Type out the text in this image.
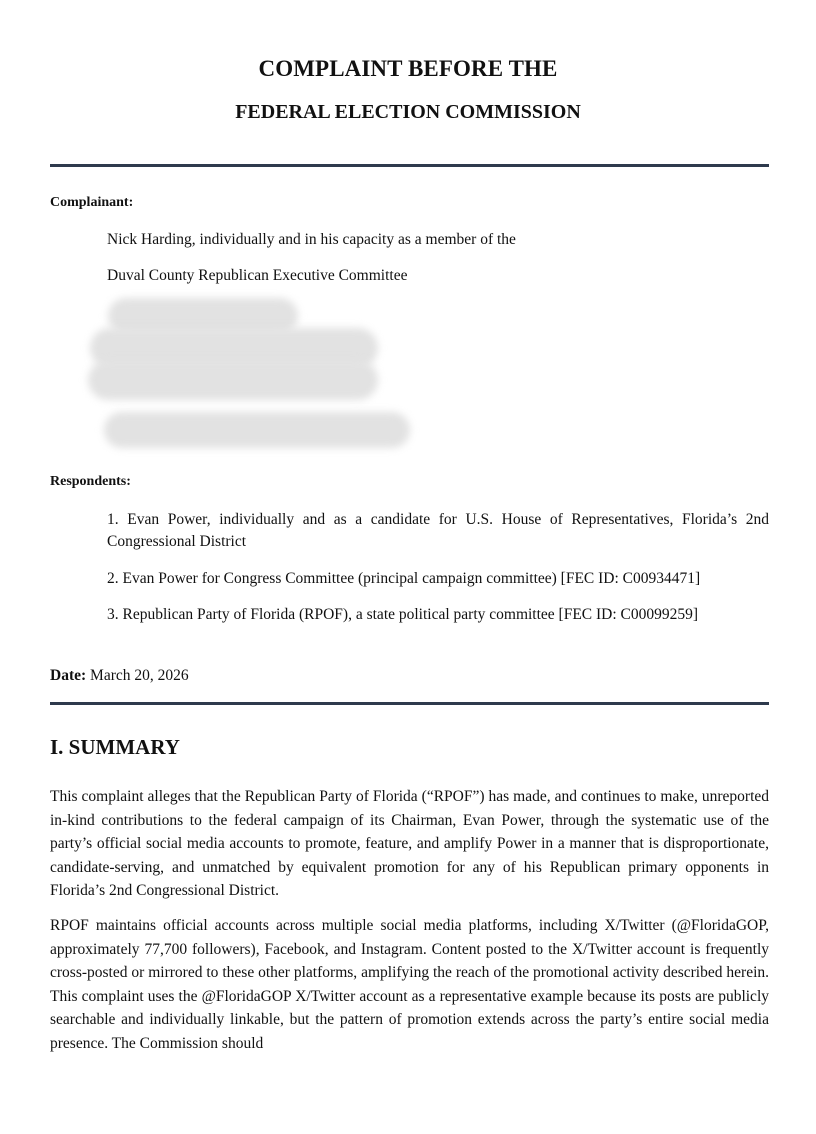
COMPLAINT BEFORE THE
FEDERAL ELECTION COMMISSION
Complainant:
Nick Harding, individually and in his capacity as a member of the
Duval County Republican Executive Committee
Respondents:
1. Evan Power, individually and as a candidate for U.S. House of Representatives, Florida’s 2nd Congressional District
2. Evan Power for Congress Committee (principal campaign committee) [FEC ID: C00934471]
3. Republican Party of Florida (RPOF), a state political party committee [FEC ID: C00099259]
Date: March 20, 2026
I. SUMMARY
This complaint alleges that the Republican Party of Florida (“RPOF”) has made, and continues to make, unreported in-kind contributions to the federal campaign of its Chairman, Evan Power, through the systematic use of the party’s official social media accounts to promote, feature, and amplify Power in a manner that is disproportionate, candidate-serving, and unmatched by equivalent promotion for any of his Republican primary opponents in Florida’s 2nd Congressional District.
RPOF maintains official accounts across multiple social media platforms, including X/Twitter (@FloridaGOP, approximately 77,700 followers), Facebook, and Instagram. Content posted to the X/Twitter account is frequently cross-posted or mirrored to these other platforms, amplifying the reach of the promotional activity described herein. This complaint uses the @FloridaGOP X/Twitter account as a representative example because its posts are publicly searchable and individually linkable, but the pattern of promotion extends across the party’s entire social media presence. The Commission should
